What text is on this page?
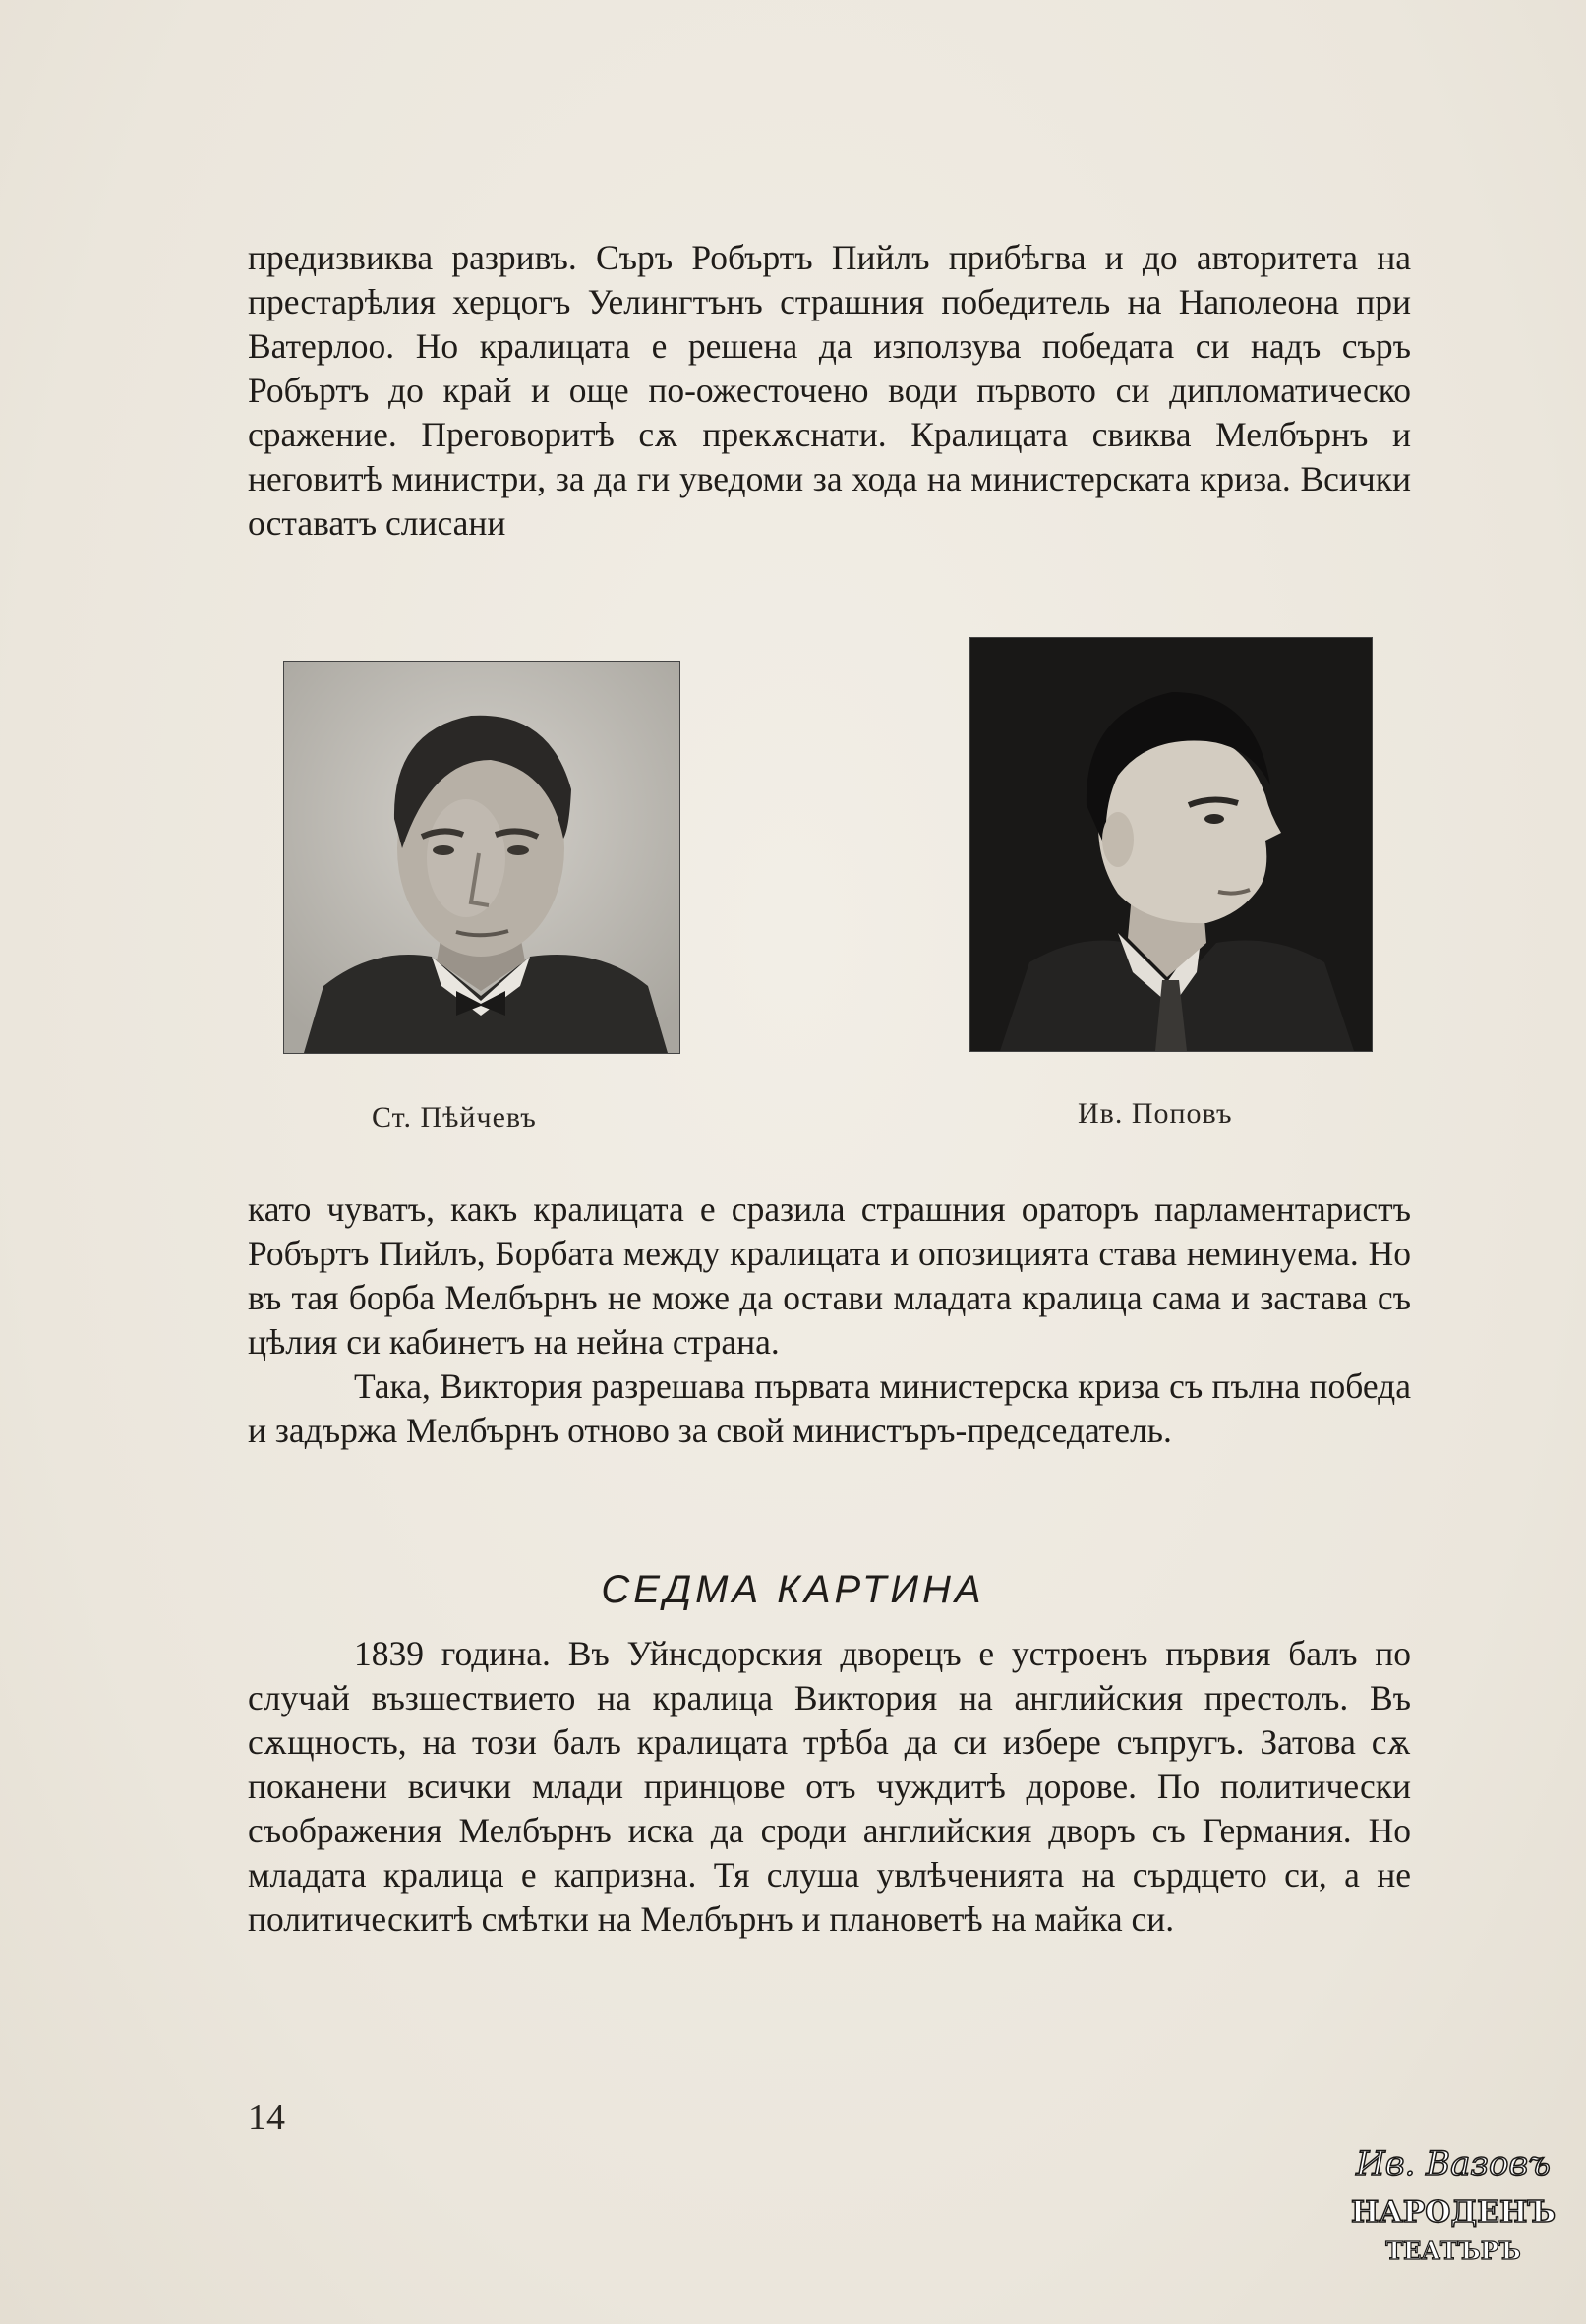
предизвиква разривъ. Съръ Робъртъ Пийлъ прибѣгва и до авторитета на престарѣлия херцогъ Уелингтънъ страшния победитель на Наполеона при Ватерлоо. Но кралицата е решена да използува победата си надъ съръ Робъртъ до край и още по-ожесточено води първото си дипломатическо сражение. Преговоритѣ сѫ прекѫснати. Кралицата свиква Мелбърнъ и неговитѣ министри, за да ги уведоми за хода на министерската криза. Всички оставатъ слисани

Ст. Пѣйчевъ	Ив. Поповъ

като чуватъ, какъ кралицата е сразила страшния ораторъ парламентаристъ Робъртъ Пийлъ, Борбата между кралицата и опозицията става неминуема. Но въ тая борба Мелбърнъ не може да остави младата кралица сама и застава съ цѣлия си кабинетъ на нейна страна.

Така, Виктория разрешава първата министерска криза съ пълна победа и задържа Мелбърнъ отново за свой министъръ-председатель.

СЕДМА КАРТИНА

1839 година. Въ Уйнсдорския дворецъ е устроенъ първия балъ по случай възшествието на кралица Виктория на английския престолъ. Въ сѫщность, на този балъ кралицата трѣба да си избере съпругъ. Затова сѫ поканени всички млади принцове отъ чуждитѣ дорове. По политически съображения Мелбърнъ иска да сроди английския дворъ съ Германия. Но младата кралица е капризна. Тя слуша увлѣченията на сърдцето си, а не политическитѣ смѣтки на Мелбърнъ и плановетѣ на майка си.

14
Ив. Вазовъ
НАРОДЕНЪ
ТЕАТЪРЪ
